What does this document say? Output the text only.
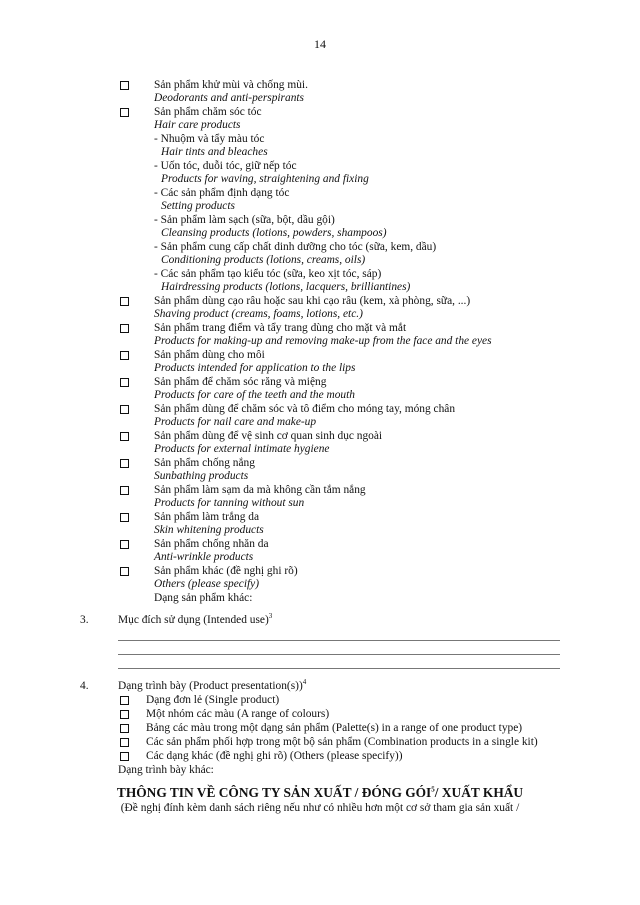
14
Sản phẩm khử mùi và chống mùi.
Deodorants and anti-perspirants
Sản phẩm chăm sóc tóc
Hair care products
- Nhuộm và tẩy màu tóc
Hair tints and bleaches
- Uốn tóc, duỗi tóc, giữ nếp tóc
Products for waving, straightening and fixing
- Các sản phẩm định dạng tóc
Setting products
- Sản phẩm làm sạch (sữa, bột, dầu gội)
Cleansing products (lotions, powders, shampoos)
- Sản phẩm cung cấp chất dinh dưỡng cho tóc (sữa, kem, dầu)
Conditioning products (lotions, creams, oils)
- Các sản phẩm tạo kiểu tóc (sữa, keo xịt tóc, sáp)
Hairdressing products (lotions, lacquers, brilliantines)
Sản phẩm dùng cạo râu hoặc sau khi cạo râu (kem, xà phòng, sữa, ...)
Shaving product (creams, foams, lotions, etc.)
Sản phẩm trang điểm và tẩy trang dùng cho mặt và mắt
Products for making-up and removing make-up from the face and the eyes
Sản phẩm dùng cho môi
Products intended for application to the lips
Sản phẩm để chăm sóc răng và miệng
Products for care of the teeth and the mouth
Sản phẩm dùng để chăm sóc và tô điểm cho móng tay, móng chân
Products for nail care and make-up
Sản phẩm dùng để vệ sinh cơ quan sinh dục ngoài
Products for external intimate hygiene
Sản phẩm chống nắng
Sunbathing products
Sản phẩm làm sạm da mà không cần tắm nắng
Products for tanning without sun
Sản phẩm làm trắng da
Skin whitening products
Sản phẩm chống nhăn da
Anti-wrinkle products
Sản phẩm khác (đề nghị ghi rõ)
Others (please specify)
Dạng sản phẩm khác:
3.	Mục đích sử dụng (Intended use)$^3$
4.	Dạng trình bày (Product presentation(s))$^4$
Dạng đơn lẻ (Single product)
Một nhóm các màu (A range of colours)
Bảng các màu trong một dạng sản phẩm (Palette(s) in a range of one product type)
Các sản phẩm phối hợp trong một bộ sản phẩm (Combination products in a single kit)
Các dạng khác (đề nghị ghi rõ) (Others (please specify))
Dạng trình bày khác:
THÔNG TIN VỀ CÔNG TY SẢN XUẤT / ĐÓNG GÓI$^5$/ XUẤT KHẨU
(Đề nghị đính kèm danh sách riêng nếu như có nhiều hơn một cơ sở tham gia sản xuất /
